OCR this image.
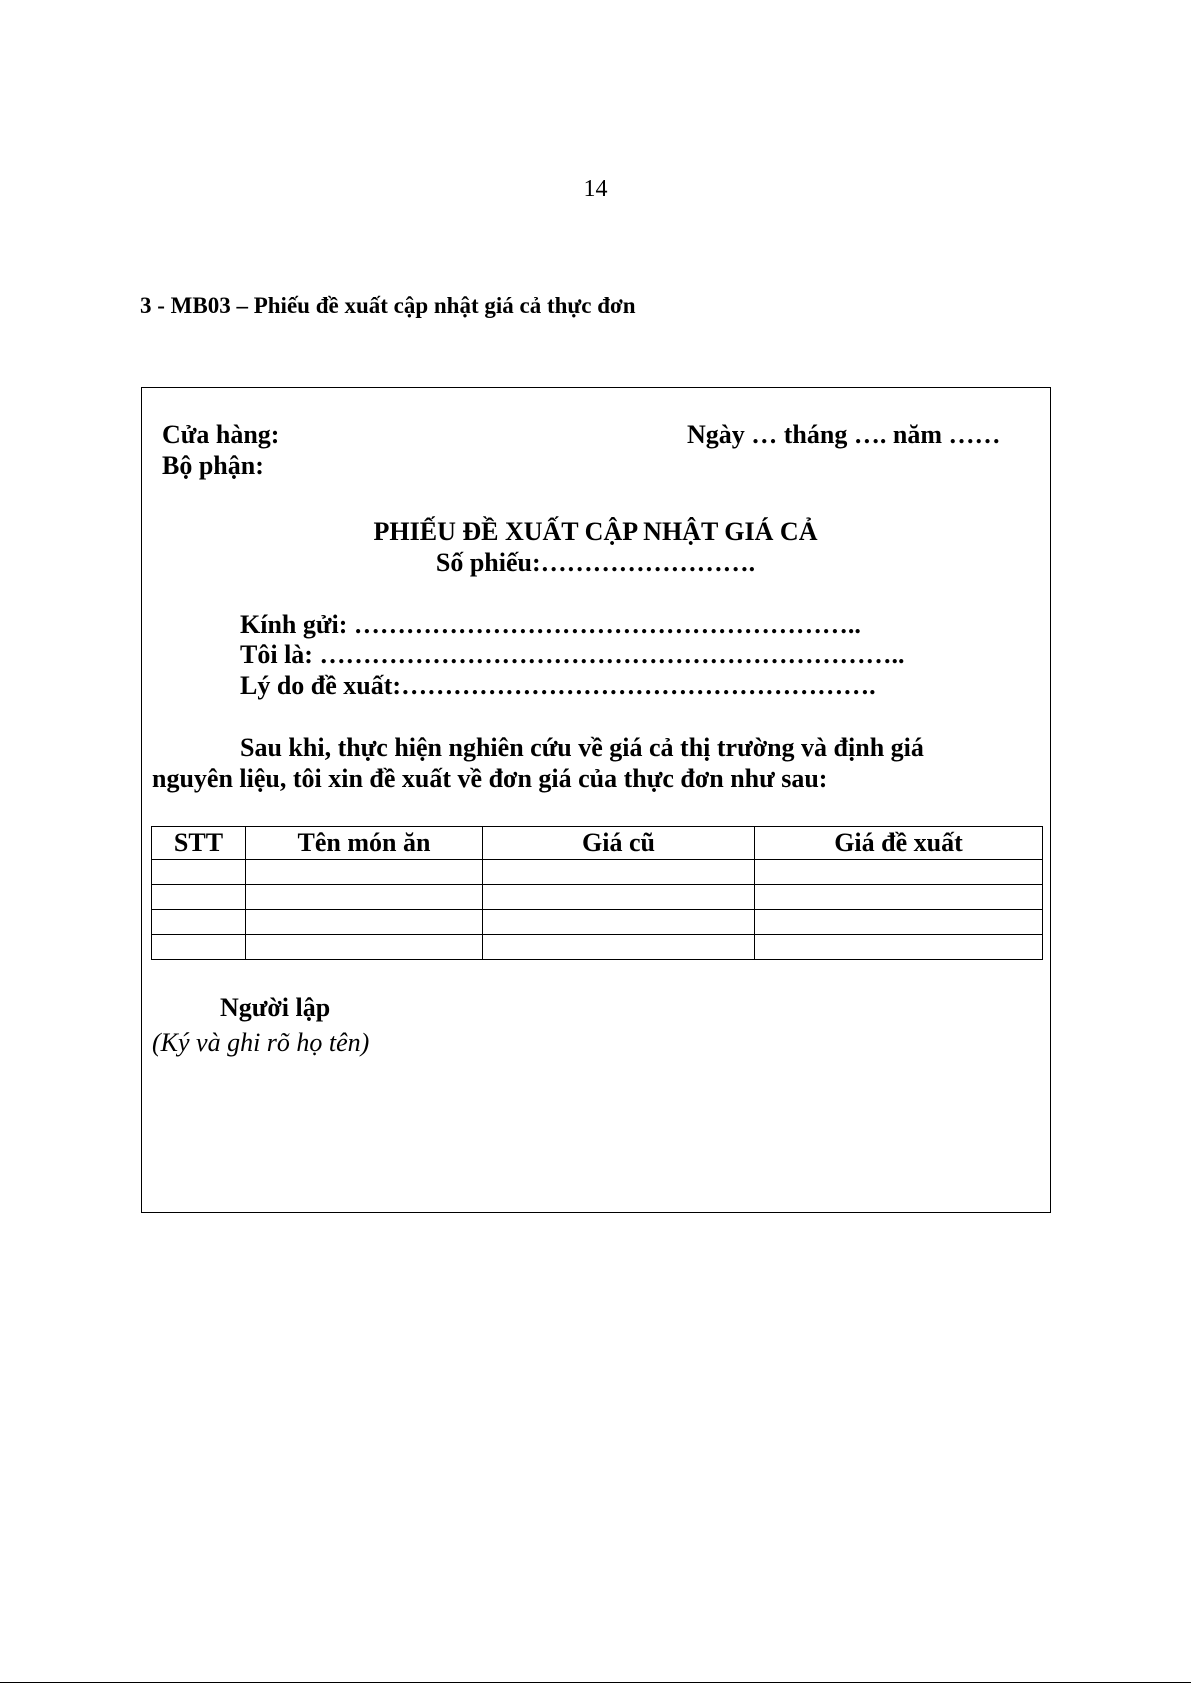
14
3 - MB03 – Phiếu đề xuất cập nhật giá cả thực đơn
Cửa hàng:	Ngày … tháng …. năm ……
Bộ phận:
PHIẾU ĐỀ XUẤT CẬP NHẬT GIÁ CẢ
Số phiếu:…………………….
Kính gửi: …………………………………………………..
Tôi là: …………………………………………………………..
Lý do đề xuất:……………………………………………….
Sau khi, thực hiện nghiên cứu về giá cả thị trường và định giá
nguyên liệu, tôi xin đề xuất về đơn giá của thực đơn như sau:
STT	Tên món ăn	Giá cũ	Giá đề xuất

Người lập
(Ký và ghi rõ họ tên)
